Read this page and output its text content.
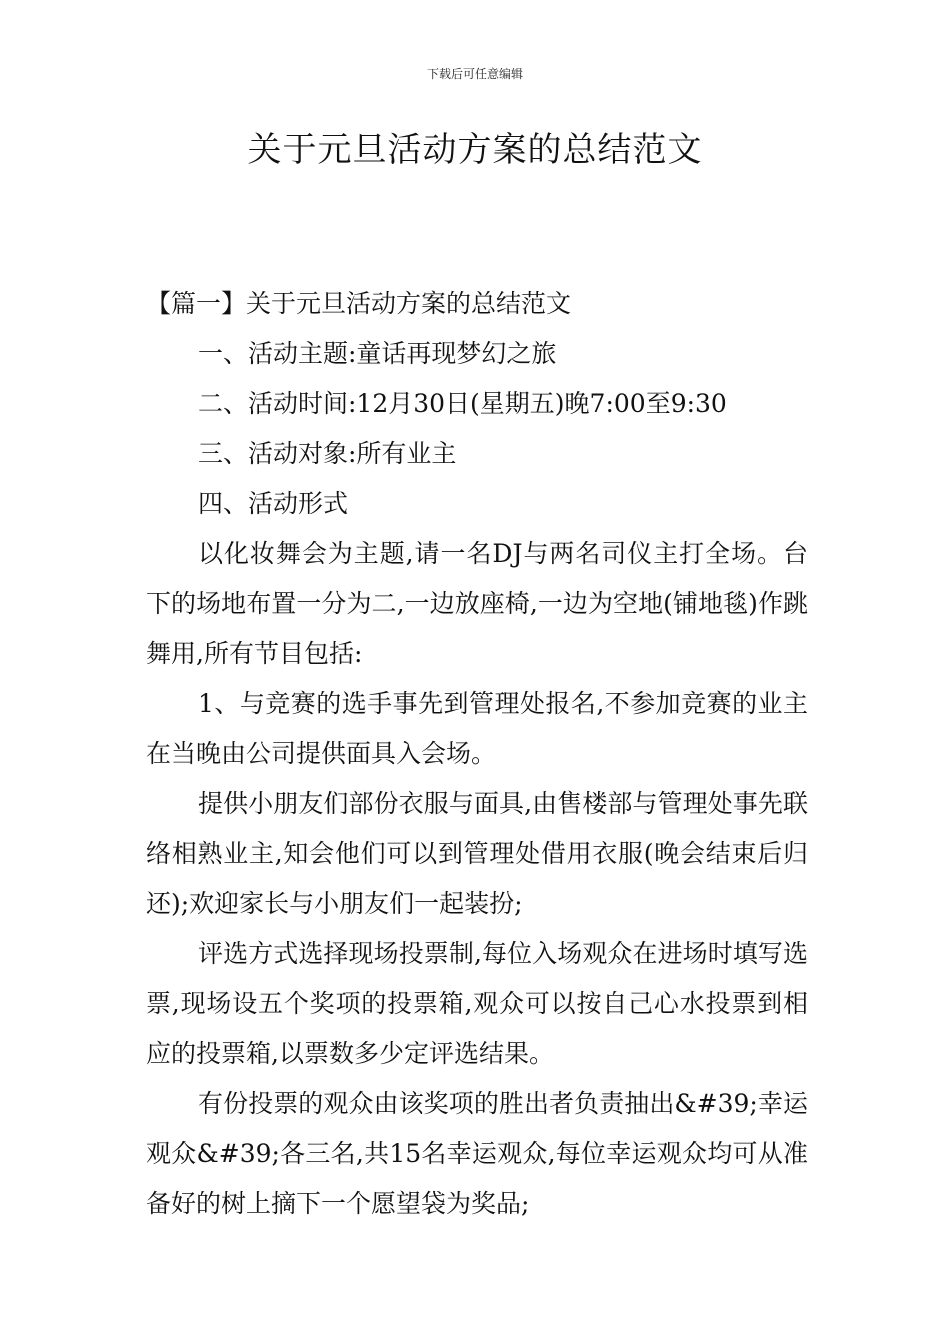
下载后可任意编辑
关于元旦活动方案的总结范文

【篇一】关于元旦活动方案的总结范文

一、活动主题:童话再现梦幻之旅

二、活动时间:12月30日(星期五)晚7:00至9:30

三、活动对象:所有业主

四、活动形式

以化妆舞会为主题,请一名DJ与两名司仪主打全场。台下的场地布置一分为二,一边放座椅,一边为空地(铺地毯)作跳舞用,所有节目包括:

1、与竞赛的选手事先到管理处报名,不参加竞赛的业主在当晚由公司提供面具入会场。

提供小朋友们部份衣服与面具,由售楼部与管理处事先联络相熟业主,知会他们可以到管理处借用衣服(晚会结束后归还);欢迎家长与小朋友们一起装扮;

评选方式选择现场投票制,每位入场观众在进场时填写选票,现场设五个奖项的投票箱,观众可以按自己心水投票到相应的投票箱,以票数多少定评选结果。

有份投票的观众由该奖项的胜出者负责抽出&#39;幸运观众&#39;各三名,共15名幸运观众,每位幸运观众均可从准备好的树上摘下一个愿望袋为奖品;
